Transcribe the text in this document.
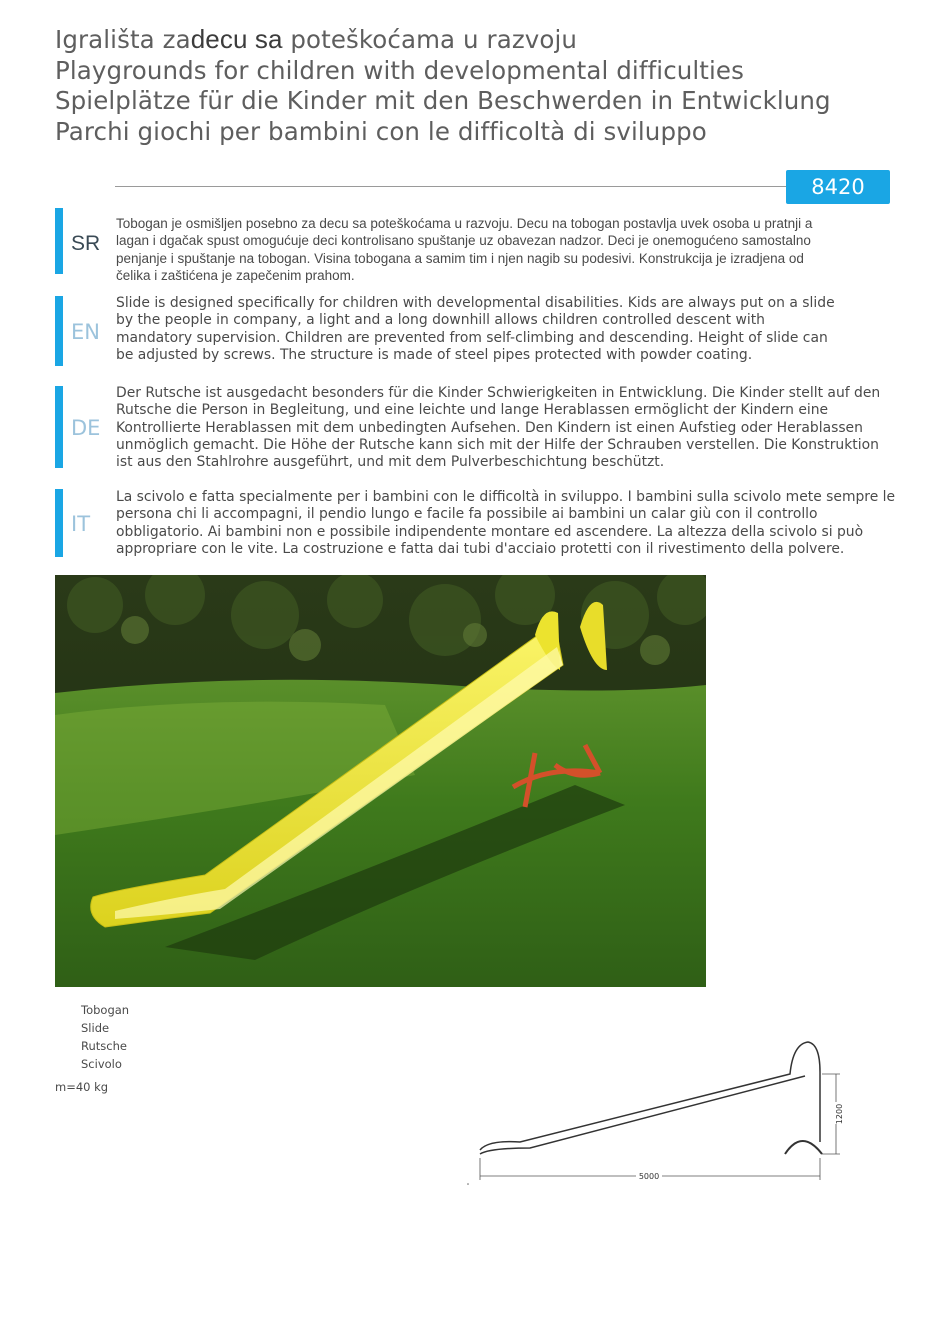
Igrališta zadecu sa poteškoćama u razvoju
Playgrounds for children with developmental difficulties
Spielplätze für die Kinder mit den Beschwerden in Entwicklung
Parchi giochi per bambini con le difficoltà di sviluppo
8420
SR
Tobogan je osmišljen posebno za decu sa poteškoćama u razvoju. Decu na tobogan postavlja uvek osoba u pratnji a
lagan i dgačak spust omogućuje deci kontrolisano spuštanje uz obavezan nadzor. Deci je onemogućeno samostalno
penjanje i spuštanje na tobogan. Visina tobogana a samim tim i njen nagib su podesivi. Konstrukcija je izradjena od
čelika i zaštićena je zapečenim prahom.
EN
Slide is designed specifically for children with developmental disabilities. Kids are always put on a slide
by the people in company, a light and a long downhill allows children controlled descent with
mandatory supervision. Children are prevented from self-climbing and descending. Height of slide can
be adjusted by screws. The structure is made of steel pipes protected with powder coating.
DE
Der Rutsche ist ausgedacht besonders für die Kinder Schwierigkeiten in Entwicklung. Die Kinder stellt auf den
Rutsche die Person in Begleitung, und eine leichte und lange Herablassen ermöglicht der Kindern eine
Kontrollierte Herablassen mit dem unbedingten Aufsehen. Den Kindern ist einen Aufstieg oder Herablassen
unmöglich gemacht. Die Höhe der Rutsche kann sich mit der Hilfe der Schrauben verstellen. Die Konstruktion
ist aus den Stahlrohre ausgeführt, und mit dem Pulverbeschichtung beschützt.
IT
La scivolo e fatta specialmente per i bambini con le difficoltà in sviluppo. I bambini sulla scivolo mete sempre le
persona chi li accompagni, il pendio lungo e facile fa possibile ai bambini un calar giù con il controllo
obbligatorio. Ai bambini non e possibile indipendente montare ed ascendere. La altezza della scivolo si può
appropriare con le vite. La costruzione e fatta dai tubi d'acciaio protetti con il rivestimento della polvere.
Tobogan
Slide
Rutsche
Scivolo
m=40 kg
5000
1200
